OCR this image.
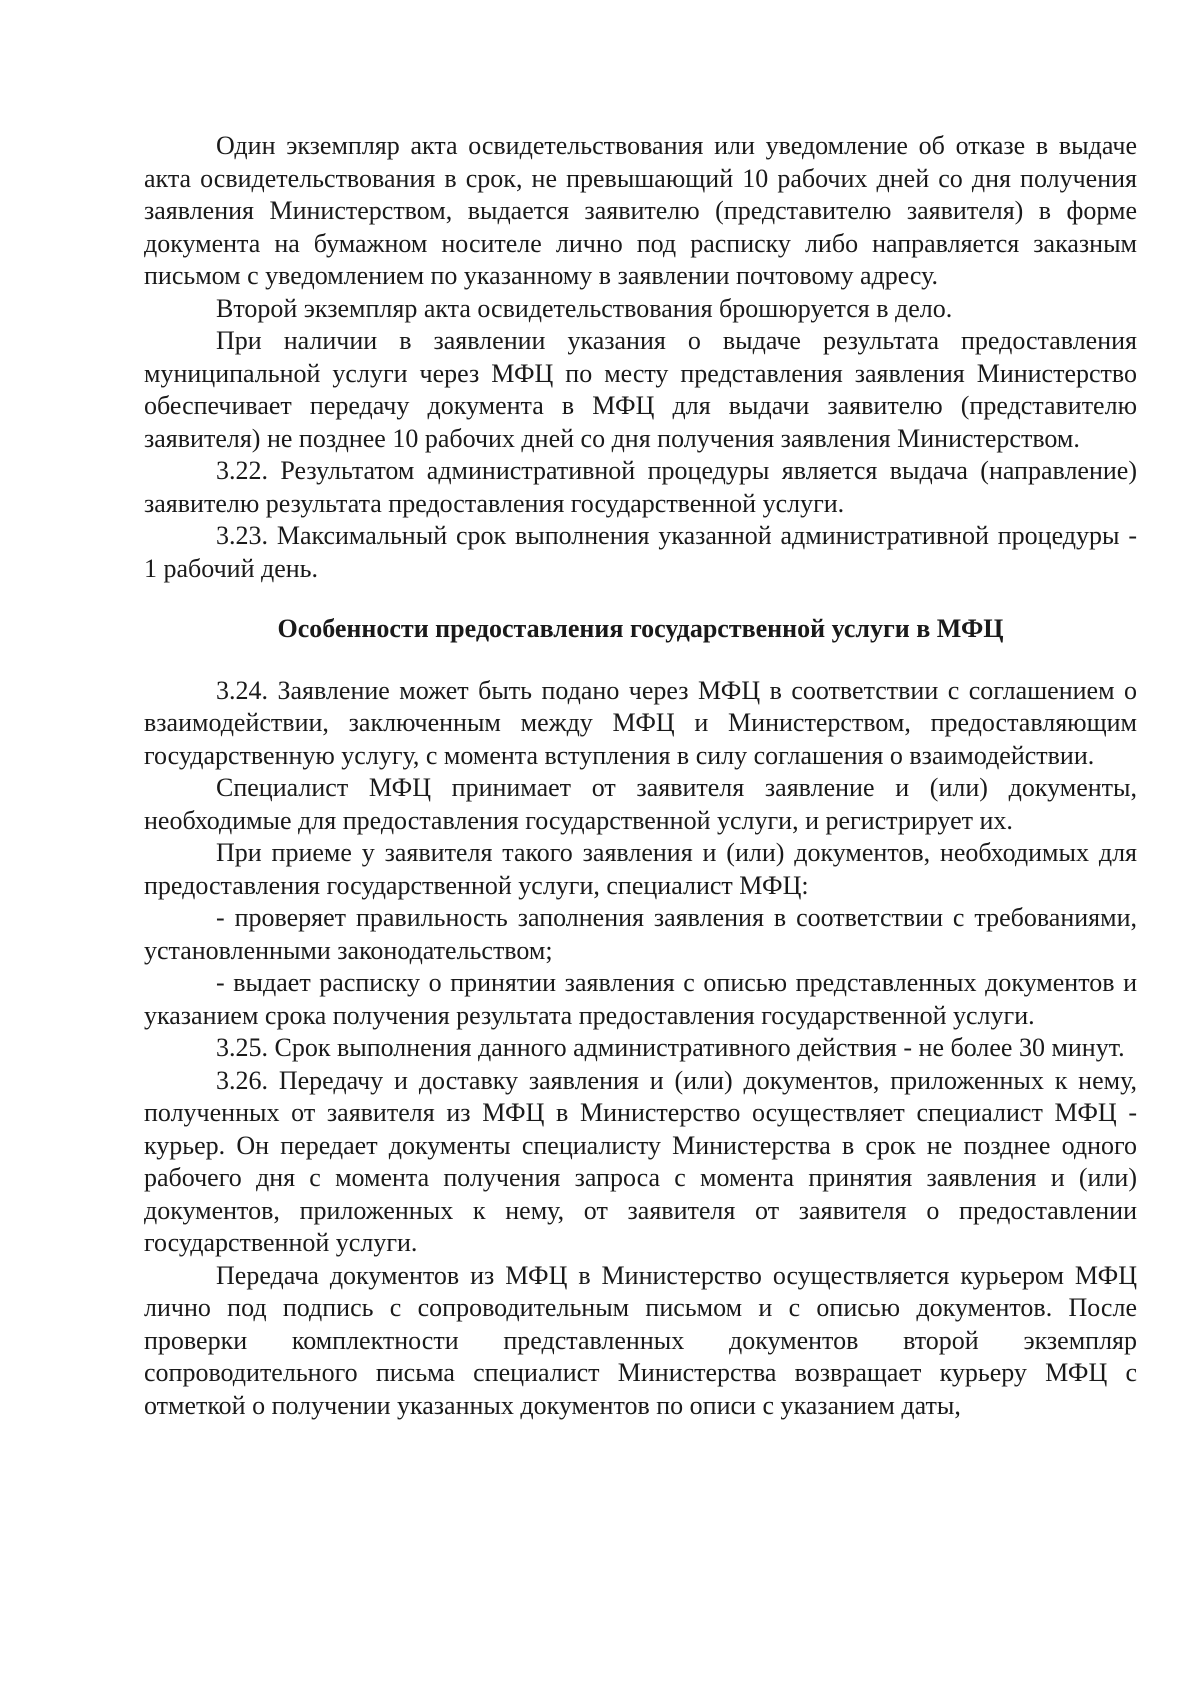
Один экземпляр акта освидетельствования или уведомление об отказе в выдаче акта освидетельствования в срок, не превышающий 10 рабочих дней со дня получения заявления Министерством, выдается заявителю (представителю заявителя) в форме документа на бумажном носителе лично под расписку либо направляется заказным письмом с уведомлением по указанному в заявлении почтовому адресу.

Второй экземпляр акта освидетельствования брошюруется в дело.

При наличии в заявлении указания о выдаче результата предоставления муниципальной услуги через МФЦ по месту представления заявления Министерство обеспечивает передачу документа в МФЦ для выдачи заявителю (представителю заявителя) не позднее 10 рабочих дней со дня получения заявления Министерством.

3.22. Результатом административной процедуры является выдача (направление) заявителю результата предоставления государственной услуги.

3.23. Максимальный срок выполнения указанной административной процедуры - 1 рабочий день.

Особенности предоставления государственной услуги в МФЦ

3.24. Заявление может быть подано через МФЦ в соответствии с соглашением о взаимодействии, заключенным между МФЦ и Министерством, предоставляющим государственную услугу, с момента вступления в силу соглашения о взаимодействии.

Специалист МФЦ принимает от заявителя заявление и (или) документы, необходимые для предоставления государственной услуги, и регистрирует их.

При приеме у заявителя такого заявления и (или) документов, необходимых для предоставления государственной услуги, специалист МФЦ:

- проверяет правильность заполнения заявления в соответствии с требованиями, установленными законодательством;

- выдает расписку о принятии заявления с описью представленных документов и указанием срока получения результата предоставления государственной услуги.

3.25. Срок выполнения данного административного действия - не более 30 минут.

3.26. Передачу и доставку заявления и (или) документов, приложенных к нему, полученных от заявителя из МФЦ в Министерство осуществляет специалист МФЦ - курьер. Он передает документы специалисту Министерства в срок не позднее одного рабочего дня с момента получения запроса с момента принятия заявления и (или) документов, приложенных к нему, от заявителя от заявителя о предоставлении государственной услуги.

Передача документов из МФЦ в Министерство осуществляется курьером МФЦ лично под подпись с сопроводительным письмом и с описью документов. После проверки комплектности представленных документов второй экземпляр сопроводительного письма специалист Министерства возвращает курьеру МФЦ с отметкой о получении указанных документов по описи с указанием даты,
